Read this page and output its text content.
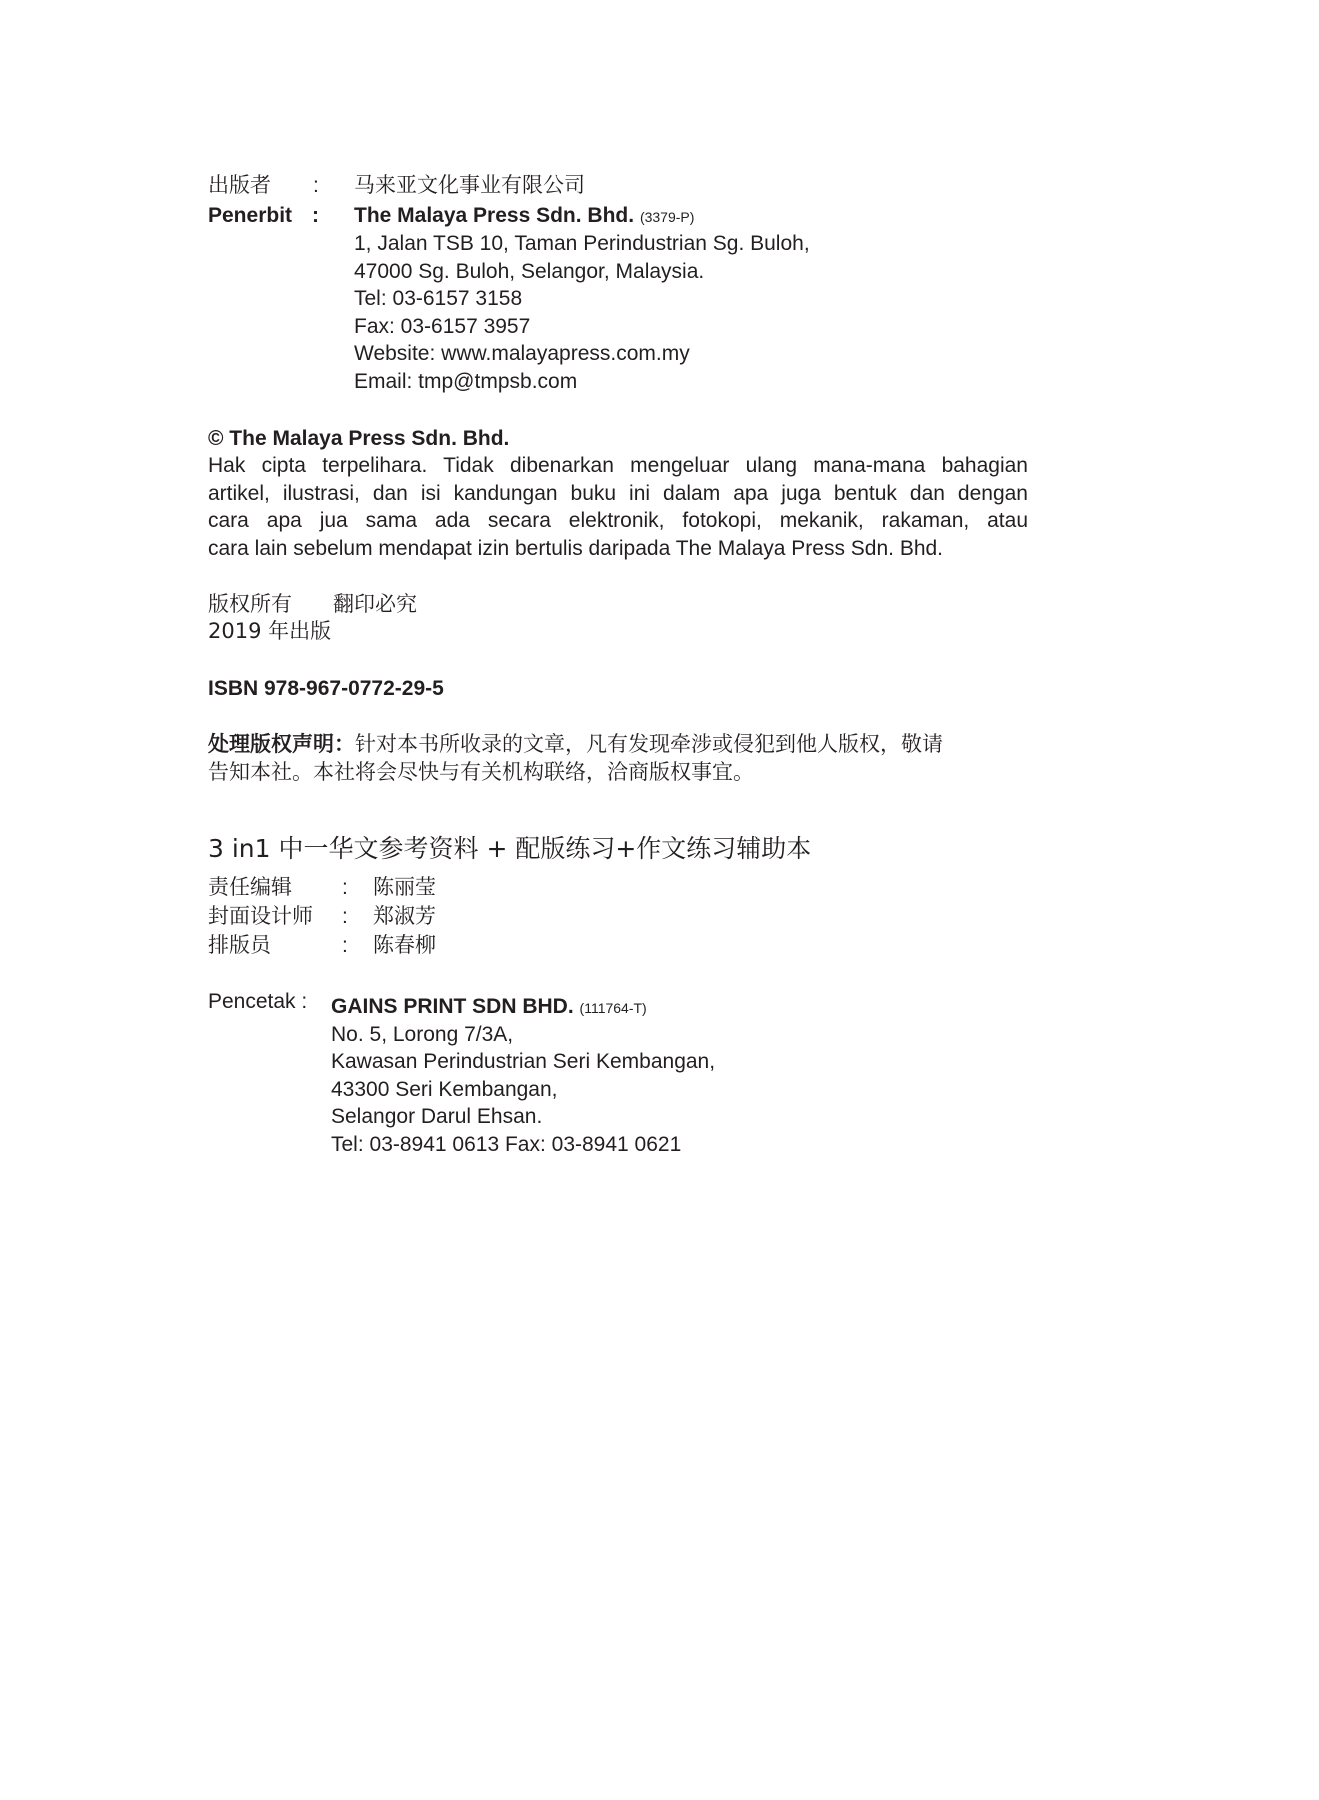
出版者 : 马来亚文化事业有限公司
Penerbit : The Malaya Press Sdn. Bhd. (3379-P)
1, Jalan TSB 10, Taman Perindustrian Sg. Buloh,
47000 Sg. Buloh, Selangor, Malaysia.
Tel: 03-6157 3158
Fax: 03-6157 3957
Website: www.malayapress.com.my
Email: tmp@tmpsb.com
© The Malaya Press Sdn. Bhd.
Hak cipta terpelihara. Tidak dibenarkan mengeluar ulang mana-mana bahagian
artikel, ilustrasi, dan isi kandungan buku ini dalam apa juga bentuk dan dengan
cara apa jua sama ada secara elektronik, fotokopi, mekanik, rakaman, atau
cara lain sebelum mendapat izin bertulis daripada The Malaya Press Sdn. Bhd.
版权所有 翻印必究
2019 年出版
ISBN 978-967-0772-29-5
处理版权声明：针对本书所收录的文章，凡有发现牵涉或侵犯到他人版权，敬请
告知本社。本社将会尽快与有关机构联络，洽商版权事宜。
3 in1 中一华文参考资料 + 配版练习+作文练习辅助本
责任编辑 : 陈丽莹
封面设计师 : 郑淑芳
排版员	: 陈春柳
Pencetak : GAINS PRINT SDN BHD. (111764-T)
No. 5, Lorong 7/3A,
Kawasan Perindustrian Seri Kembangan,
43300 Seri Kembangan,
Selangor Darul Ehsan.
Tel: 03-8941 0613 Fax: 03-8941 0621
